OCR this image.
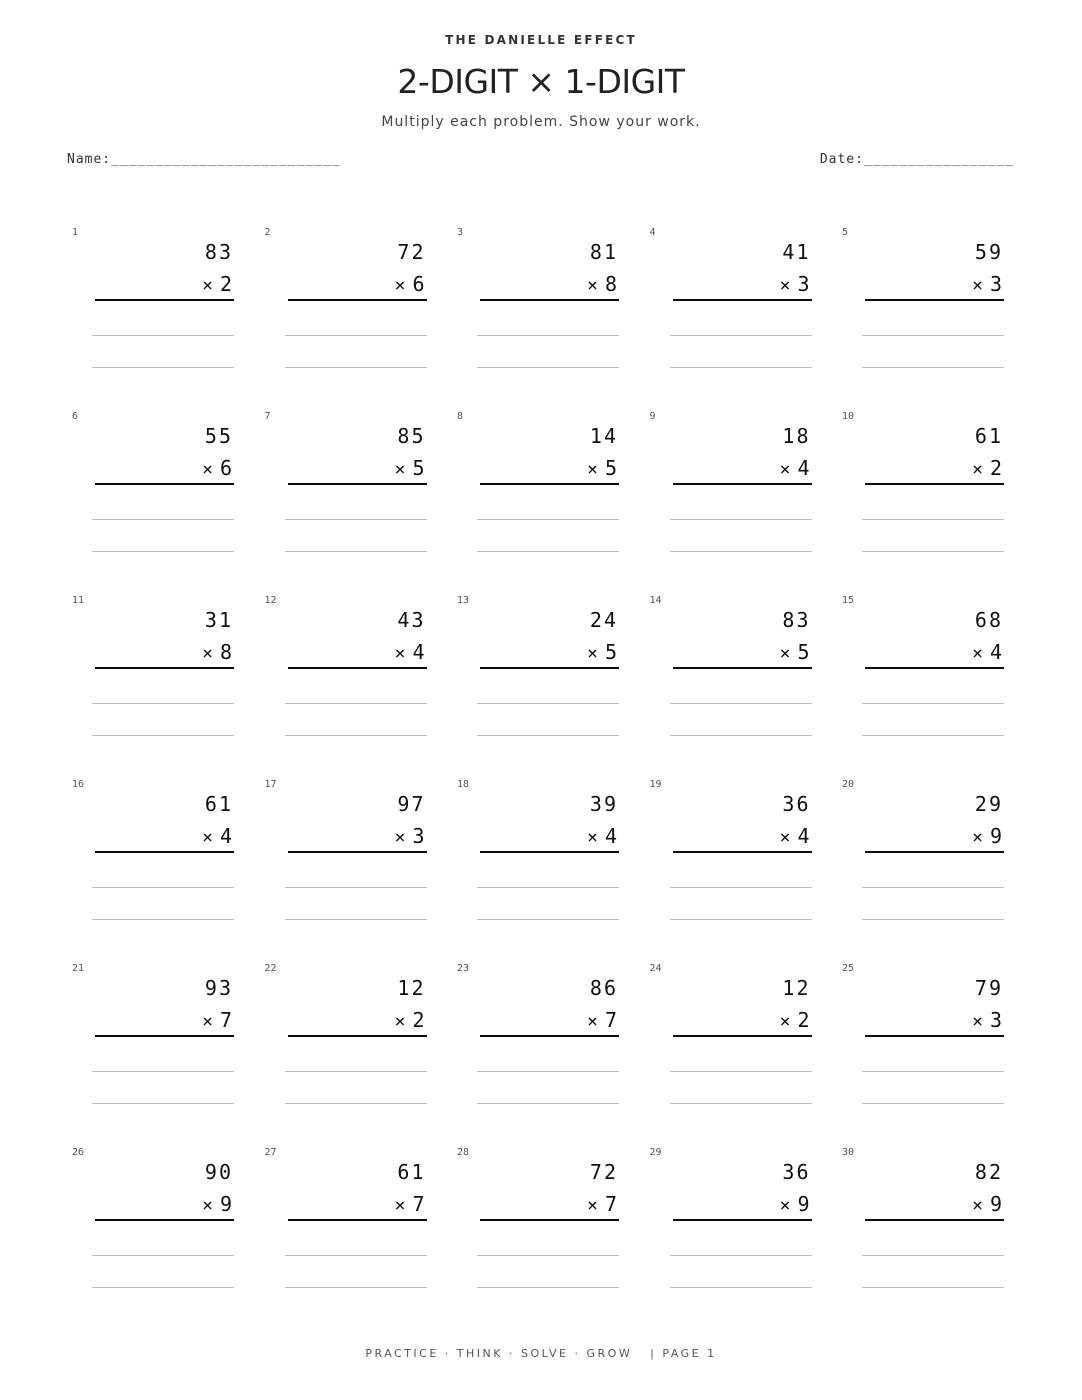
THE DANIELLE EFFECT
2-DIGIT × 1-DIGIT
Multiply each problem. Show your work.
Name:__________________________	Date:_________________
1
83
× 2
2
72
× 6
3
81
× 8
4
41
× 3
5
59
× 3
6
55
× 6
7
85
× 5
8
14
× 5
9
18
× 4
10
61
× 2
11
31
× 8
12
43
× 4
13
24
× 5
14
83
× 5
15
68
× 4
16
61
× 4
17
97
× 3
18
39
× 4
19
36
× 4
20
29
× 9
21
93
× 7
22
12
× 2
23
86
× 7
24
12
× 2
25
79
× 3
26
90
× 9
27
61
× 7
28
72
× 7
29
36
× 9
30
82
× 9
PRACTICE · THINK · SOLVE · GROW   | PAGE 1
